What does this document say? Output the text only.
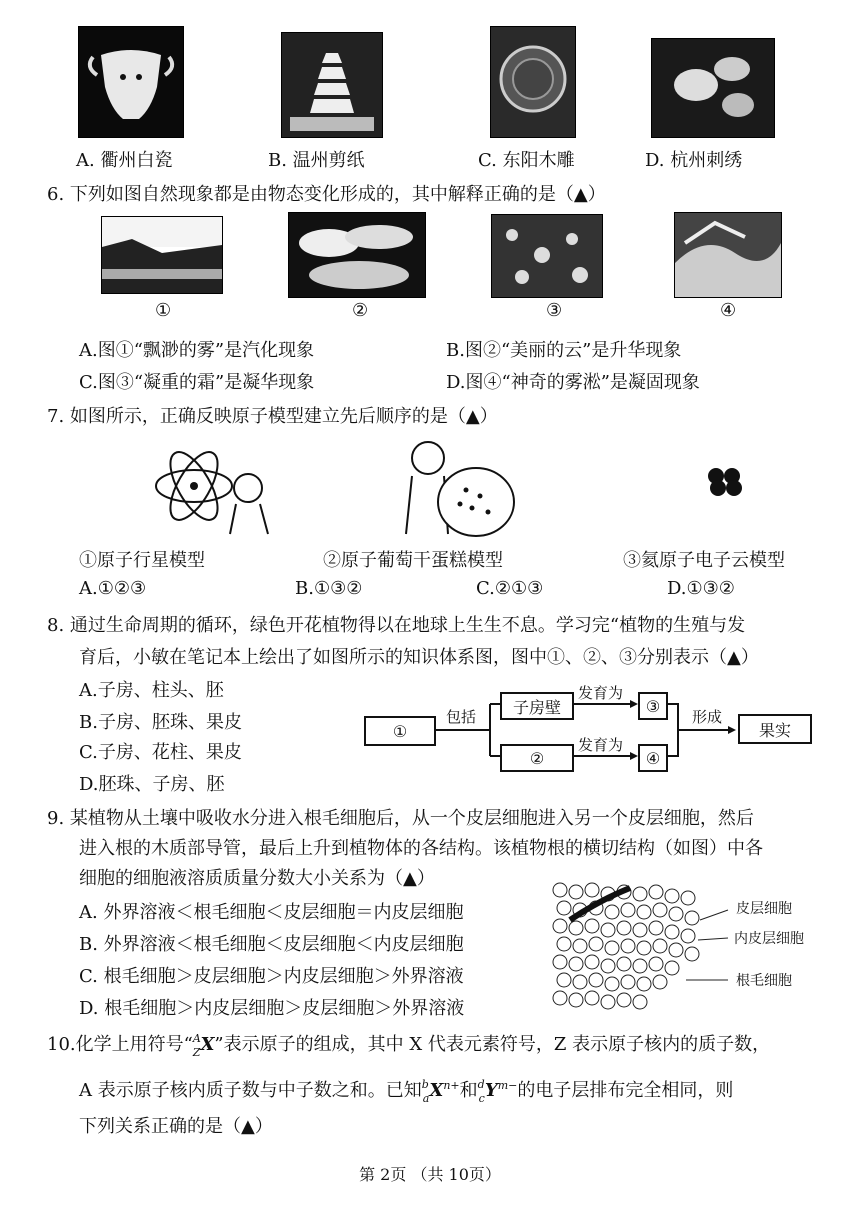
A. 衢州白瓷	B. 温州剪纸	C. 东阳木雕	D. 杭州刺绣
6. 下列如图自然现象都是由物态变化形成的，其中解释正确的是（▲）
①	②	③	④
A.图①“飘渺的雾”是汽化现象	B.图②“美丽的云”是升华现象
C.图③“凝重的霜”是凝华现象	D.图④“神奇的雾淞”是凝固现象
7. 如图所示，正确反映原子模型建立先后顺序的是（▲）
①原子行星模型	②原子葡萄干蛋糕模型	③氦原子电子云模型
A.①②③	B.①③②	C.②①③	D.①③②
8. 通过生命周期的循环，绿色开花植物得以在地球上生生不息。学习完“植物的生殖与发
育后，小敏在笔记本上绘出了如图所示的知识体系图，图中①、②、③分别表示（▲）
A.子房、柱头、胚
B.子房、胚珠、果皮
C.子房、花柱、果皮
D.胚珠、子房、胚
①
包括
子房壁
发育为
③
形成
果实
②
发育为
④
9. 某植物从土壤中吸收水分进入根毛细胞后，从一个皮层细胞进入另一个皮层细胞，然后
进入根的木质部导管，最后上升到植物体的各结构。该植物根的横切结构（如图）中各
细胞的细胞液溶质质量分数大小关系为（▲）
A. 外界溶液＜根毛细胞＜皮层细胞＝内皮层细胞
B. 外界溶液＜根毛细胞＜皮层细胞＜内皮层细胞
C. 根毛细胞＞皮层细胞＞内皮层细胞＞外界溶液
D. 根毛细胞＞内皮层细胞＞皮层细胞＞外界溶液
皮层细胞
内皮层细胞
根毛细胞
10.化学上用符号“$^A_Z$X”表示原子的组成，其中 X 代表元素符号，Z 表示原子核内的质子数，
A 表示原子核内质子数与中子数之和。已知$^b_aX^{n+}$和$^d_cY^{m-}$的电子层排布完全相同，则
下列关系正确的是（▲）
第 2页 （共 10页）
